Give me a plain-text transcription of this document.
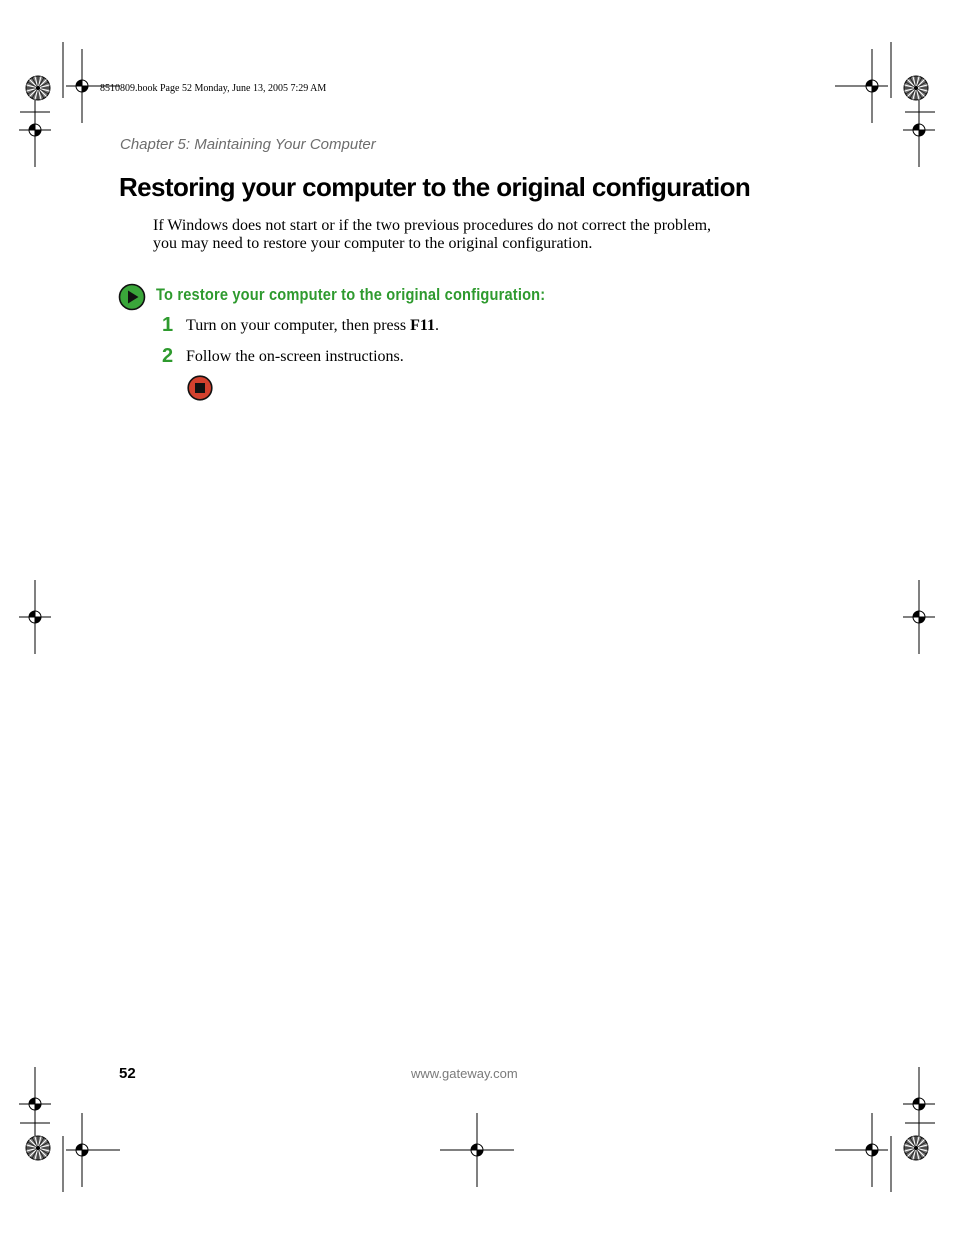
8510809.book Page 52 Monday, June 13, 2005 7:29 AM
Chapter 5: Maintaining Your Computer
Restoring your computer to the original configuration

If Windows does not start or if the two previous procedures do not correct the problem,
you may need to restore your computer to the original configuration.

To restore your computer to the original configuration:
1 Turn on your computer, then press F11.
2 Follow the on-screen instructions.
52	www.gateway.com
